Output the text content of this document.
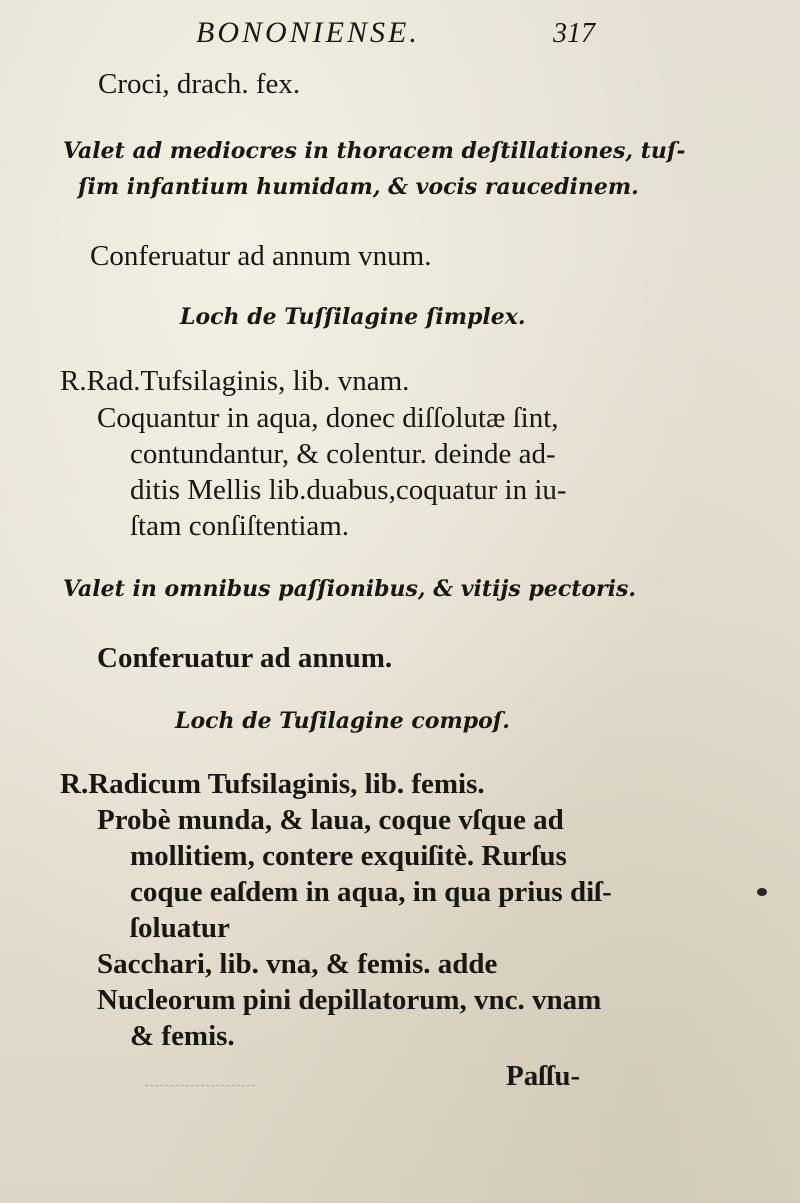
BONONIENSE.	317
Croci, drach. fex.
Valet ad mediocres in thoracem deſtillationes, tuſ-
ſim infantium humidam, & vocis raucedinem.
Conferuatur ad annum vnum.
Loch de Tuſſilagine ſimplex.
R.Rad.Tufsilaginis, lib. vnam.
Coquantur in aqua, donec diſſolutæ ſint,
contundantur, & colentur. deinde ad-
ditis Mellis lib.duabus,coquatur in iu-
ſtam conſiſtentiam.
Valet in omnibus paſſionibus, & vitijs pectoris.
Conferuatur ad annum.
Loch de Tuſilagine compoſ.
R.Radicum Tufsilaginis, lib. femis.
Probè munda, & laua, coque vſque ad
mollitiem, contere exquiſitè. Rurſus
coque eaſdem in aqua, in qua prius diſ-
ſoluatur
Sacchari, lib. vna, & femis. adde
Nucleorum pini depillatorum, vnc. vnam
& femis.
Paſſu-
